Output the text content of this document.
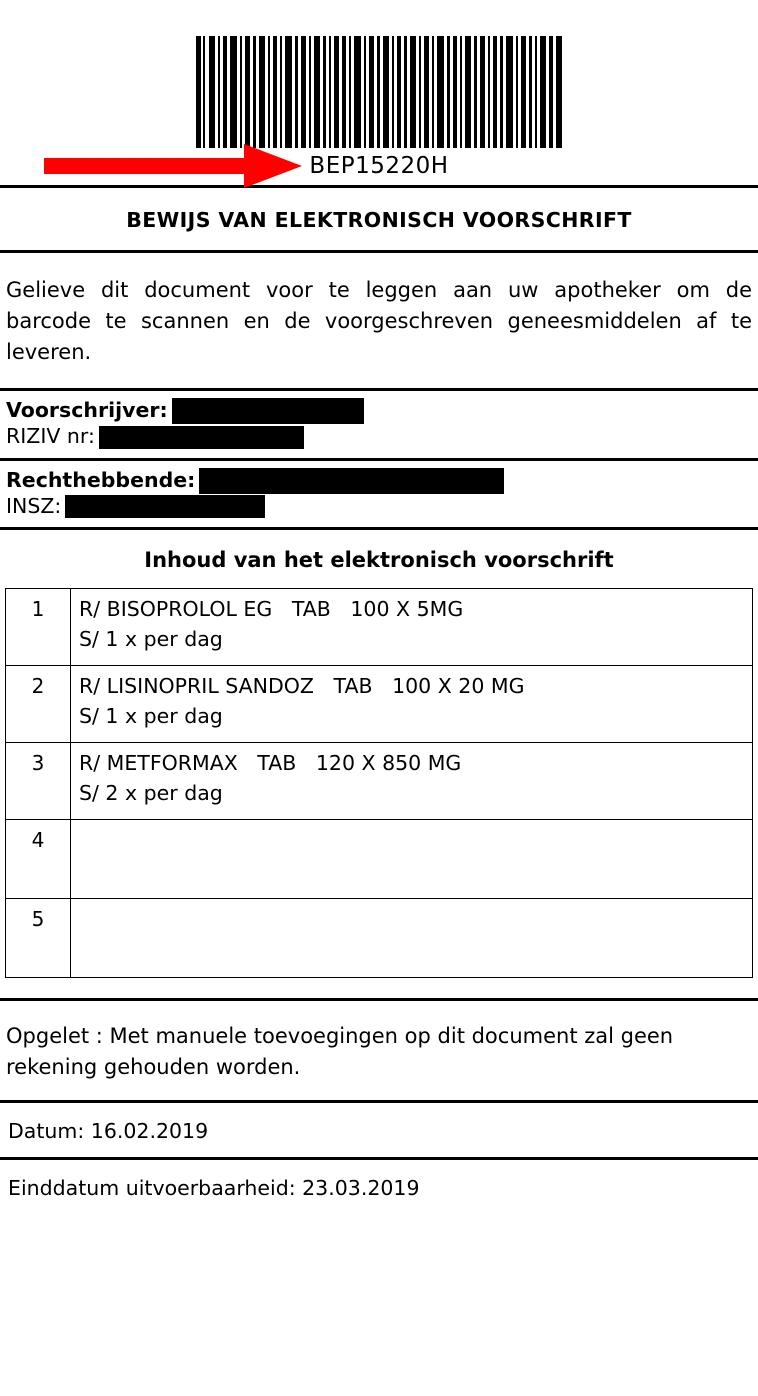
BEP15220H
BEWIJS VAN ELEKTRONISCH VOORSCHRIFT
Gelieve dit document voor te leggen aan uw apotheker om de barcode te scannen en de voorgeschreven geneesmiddelen af te leveren.
Voorschrijver:
RIZIV nr:
Rechthebbende:
INSZ:
Inhoud van het elektronisch voorschrift
1	R/ BISOPROLOL EG   TAB   100 X 5MG
S/ 1 x per dag

2	R/ LISINOPRIL SANDOZ   TAB   100 X 20 MG
S/ 1 x per dag

3	R/ METFORMAX   TAB   120 X 850 MG
S/ 2 x per dag

4	

5	
Opgelet : Met manuele toevoegingen op dit document zal geen rekening gehouden worden.
Datum: 16.02.2019
Einddatum uitvoerbaarheid: 23.03.2019
